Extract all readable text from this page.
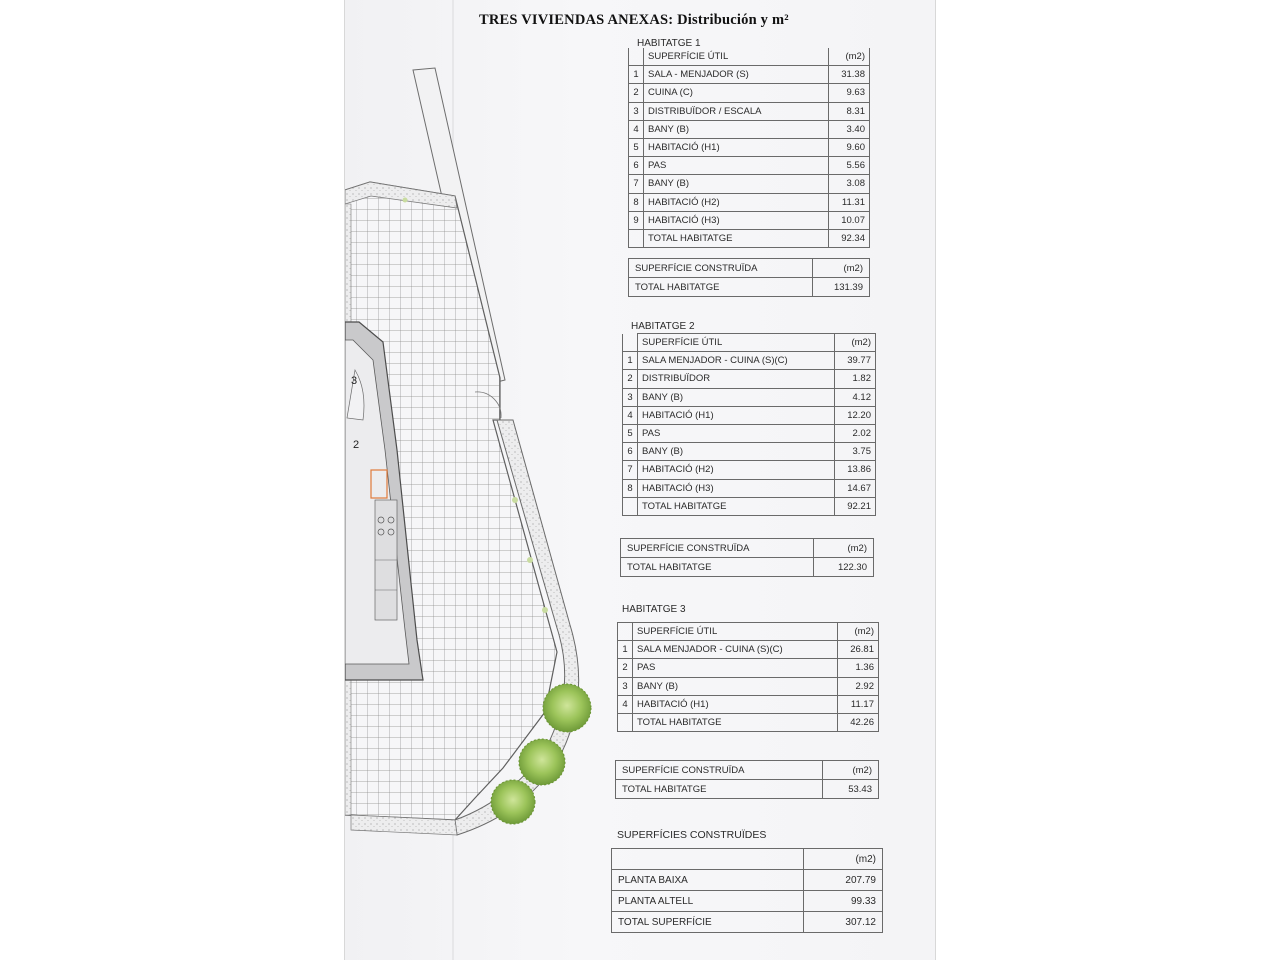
3
2
TRES VIVIENDAS ANEXAS: Distribución y m²
HABITATGE 1
	SUPERFÍCIE ÚTIL	(m2)
1	SALA - MENJADOR (S)	31.38
2	CUINA (C)	9.63
3	DISTRIBUÏDOR / ESCALA	8.31
4	BANY (B)	3.40
5	HABITACIÓ (H1)	9.60
6	PAS	5.56
7	BANY (B)	3.08
8	HABITACIÓ (H2)	11.31
9	HABITACIÓ (H3)	10.07
	TOTAL HABITATGE	92.34
SUPERFÍCIE CONSTRUÏDA	(m2)
TOTAL HABITATGE	131.39
HABITATGE 2
	SUPERFÍCIE ÚTIL	(m2)
1	SALA MENJADOR - CUINA (S)(C)	39.77
2	DISTRIBUÏDOR	1.82
3	BANY (B)	4.12
4	HABITACIÓ (H1)	12.20
5	PAS	2.02
6	BANY (B)	3.75
7	HABITACIÓ (H2)	13.86
8	HABITACIÓ (H3)	14.67
	TOTAL HABITATGE	92.21
SUPERFÍCIE CONSTRUÏDA	(m2)
TOTAL HABITATGE	122.30
HABITATGE 3
	SUPERFÍCIE ÚTIL	(m2)
1	SALA MENJADOR - CUINA (S)(C)	26.81
2	PAS	1.36
3	BANY (B)	2.92
4	HABITACIÓ (H1)	11.17
	TOTAL HABITATGE	42.26
SUPERFÍCIE CONSTRUÏDA	(m2)
TOTAL HABITATGE	53.43
SUPERFÍCIES CONSTRUÏDES
	(m2)
PLANTA BAIXA	207.79
PLANTA ALTELL	99.33
TOTAL SUPERFÍCIE	307.12
